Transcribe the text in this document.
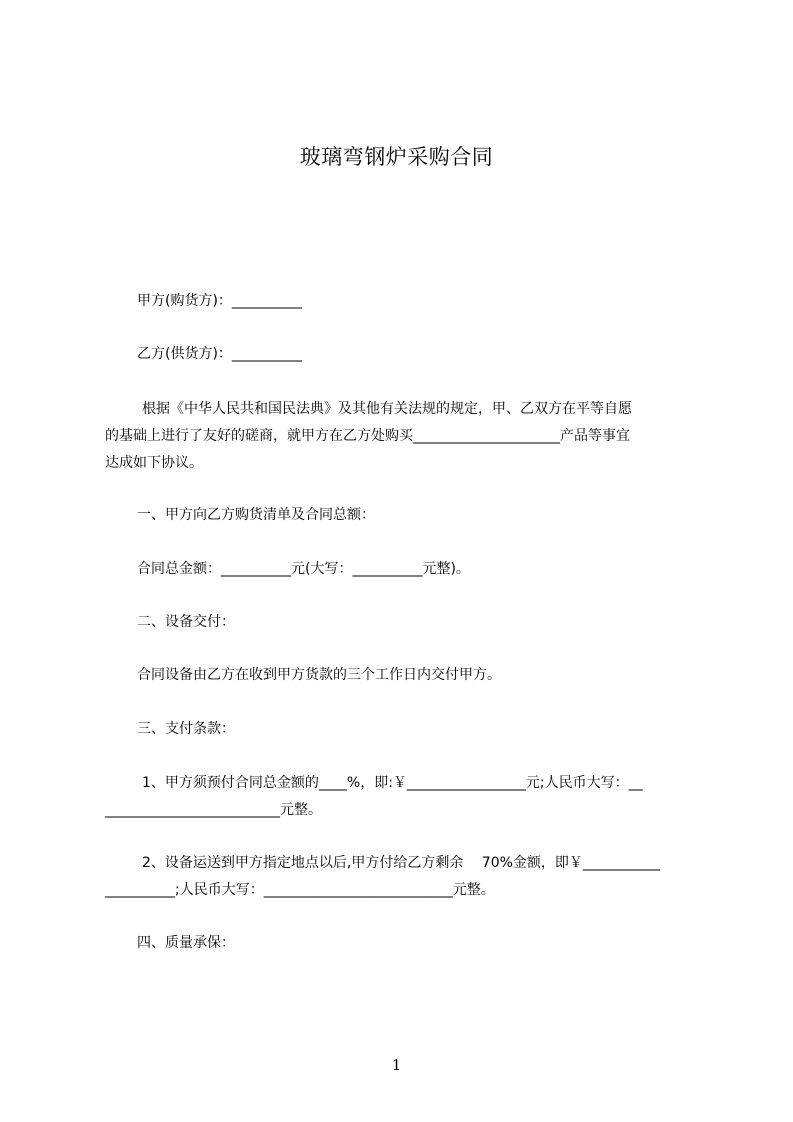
玻璃弯钢炉采购合同
甲方(购货方)：__________
乙方(供货方)：__________
根据《中华人民共和国民法典》及其他有关法规的规定，甲、乙双方在平等自愿
的基础上进行了友好的磋商，就甲方在乙方处购买_____________________产品等事宜
达成如下协议。
一、甲方向乙方购货清单及合同总额：
合同总金额：__________元(大写：__________元整)。
二、设备交付：
合同设备由乙方在收到甲方货款的三个工作日内交付甲方。
三、支付条款：
1、甲方须预付合同总金额的____%，即:￥_________________元;人民币大写：__
_________________________元整。
2、设备运送到甲方指定地点以后,甲方付给乙方剩余　 70%金额，即￥___________
__________;人民币大写：___________________________元整。
四、质量承保：
1
